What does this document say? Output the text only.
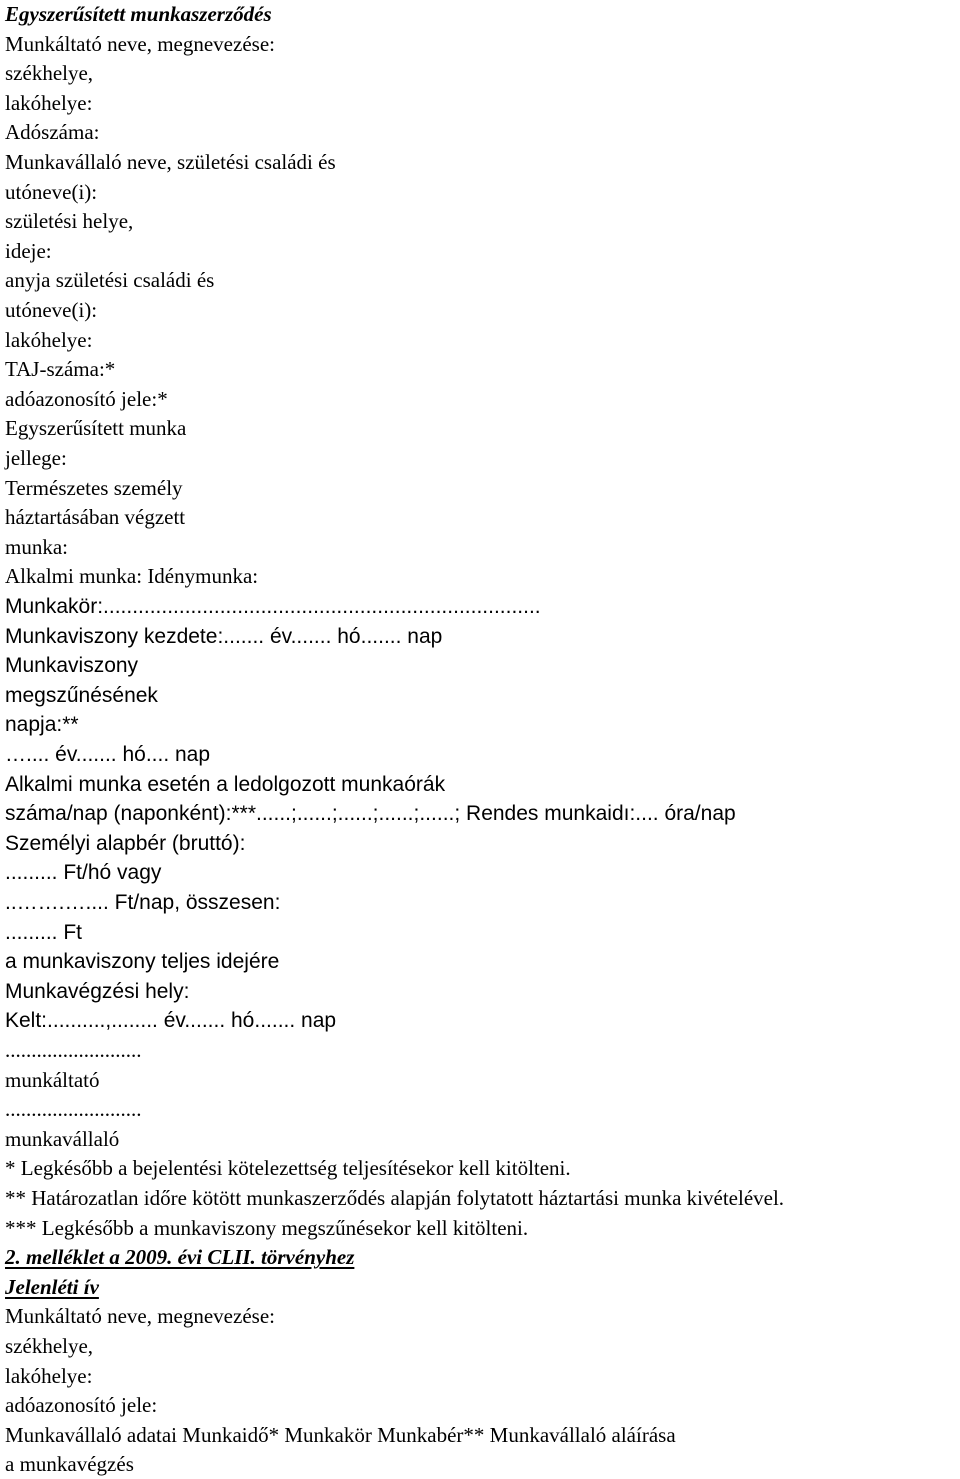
Egyszerűsített munkaszerződés
Munkáltató neve, megnevezése:
székhelye,
lakóhelye:
Adószáma:
Munkavállaló neve, születési családi és
utóneve(i):
születési helye,
ideje:
anyja születési családi és
utóneve(i):
lakóhelye:
TAJ-száma:*
adóazonosító jele:*
Egyszerűsített munka
jellege:
Természetes személy
háztartásában végzett
munka:
Alkalmi munka: Idénymunka:
Munkakör:...........................................................................
Munkaviszony kezdete:....... év....... hó....... nap
Munkaviszony
megszűnésének
napja:**
….... év....... hó.... nap
Alkalmi munka esetén a ledolgozott munkaórák
száma/nap (naponként):***......;......;......;......;......; Rendes munkaidı:.... óra/nap
Személyi alapbér (bruttó):
......... Ft/hó vagy
..…….….... Ft/nap, összesen:
......... Ft
a munkaviszony teljes idejére
Munkavégzési hely:
Kelt:..........,........ év....... hó....... nap
..........................
munkáltató
..........................
munkavállaló
* Legkésőbb a bejelentési kötelezettség teljesítésekor kell kitölteni.
** Határozatlan időre kötött munkaszerződés alapján folytatott háztartási munka kivételével.
*** Legkésőbb a munkaviszony megszűnésekor kell kitölteni.
2. melléklet a 2009. évi CLII. törvényhez
Jelenléti ív
Munkáltató neve, megnevezése:
székhelye,
lakóhelye:
adóazonosító jele:
Munkavállaló adatai Munkaidő* Munkakör Munkabér** Munkavállaló aláírása
a munkavégzés
